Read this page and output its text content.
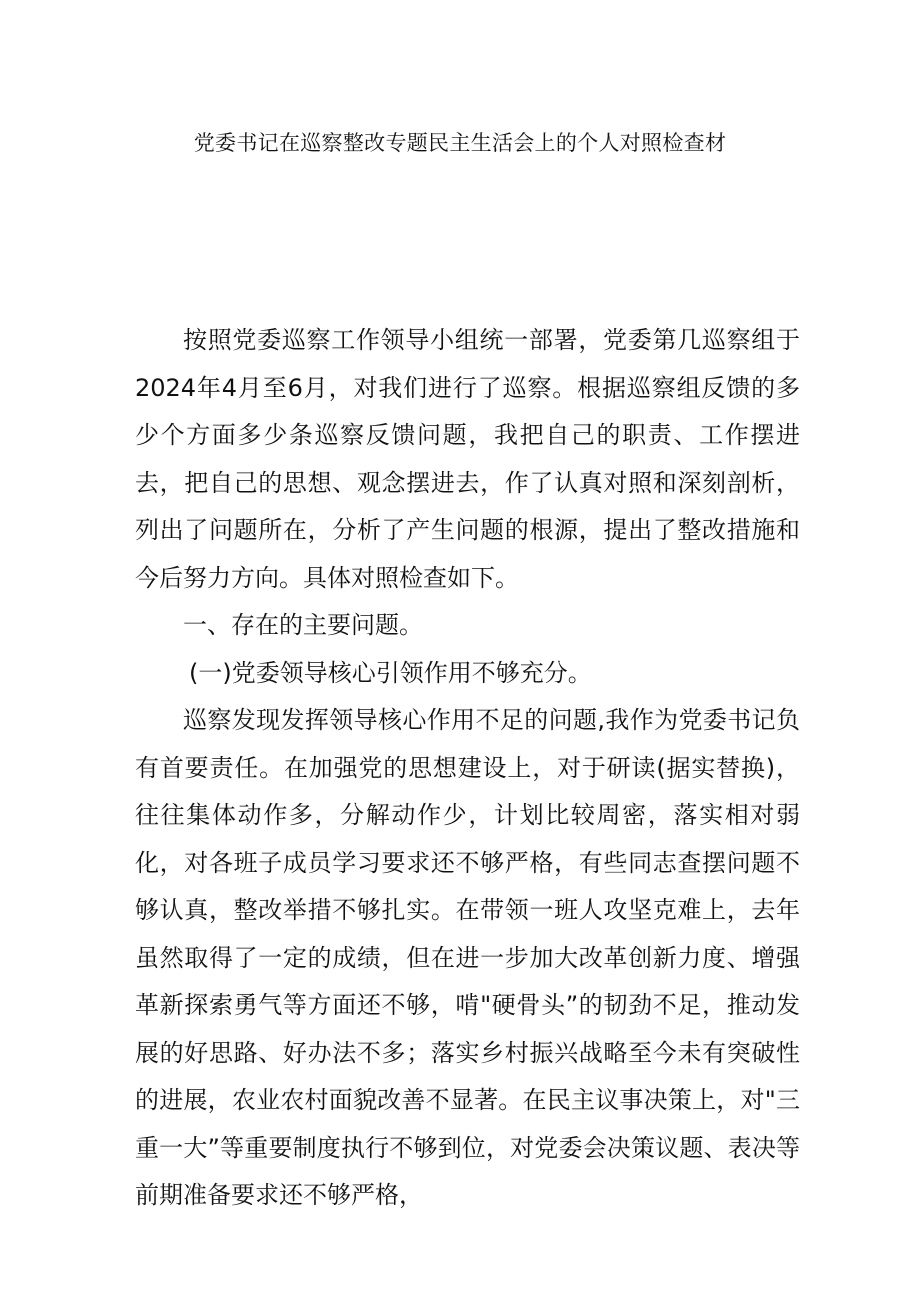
党委书记在巡察整改专题民主生活会上的个人对照检查材

按照党委巡察工作领导小组统一部署，党委第几巡察组于2024年4月至6月，对我们进行了巡察。根据巡察组反馈的多少个方面多少条巡察反馈问题，我把自己的职责、工作摆进去，把自己的思想、观念摆进去，作了认真对照和深刻剖析，列出了问题所在，分析了产生问题的根源，提出了整改措施和今后努力方向。具体对照检查如下。

一、存在的主要问题。

(一)党委领导核心引领作用不够充分。

巡察发现发挥领导核心作用不足的问题,我作为党委书记负有首要责任。在加强党的思想建设上，对于研读(据实替换)，往往集体动作多，分解动作少，计划比较周密，落实相对弱化，对各班子成员学习要求还不够严格，有些同志查摆问题不够认真，整改举措不够扎实。在带领一班人攻坚克难上，去年虽然取得了一定的成绩，但在进一步加大改革创新力度、增强革新探索勇气等方面还不够，啃"硬骨头”的韧劲不足，推动发展的好思路、好办法不多；落实乡村振兴战略至今未有突破性的进展，农业农村面貌改善不显著。在民主议事决策上，对"三重一大”等重要制度执行不够到位，对党委会决策议题、表决等前期准备要求还不够严格，
